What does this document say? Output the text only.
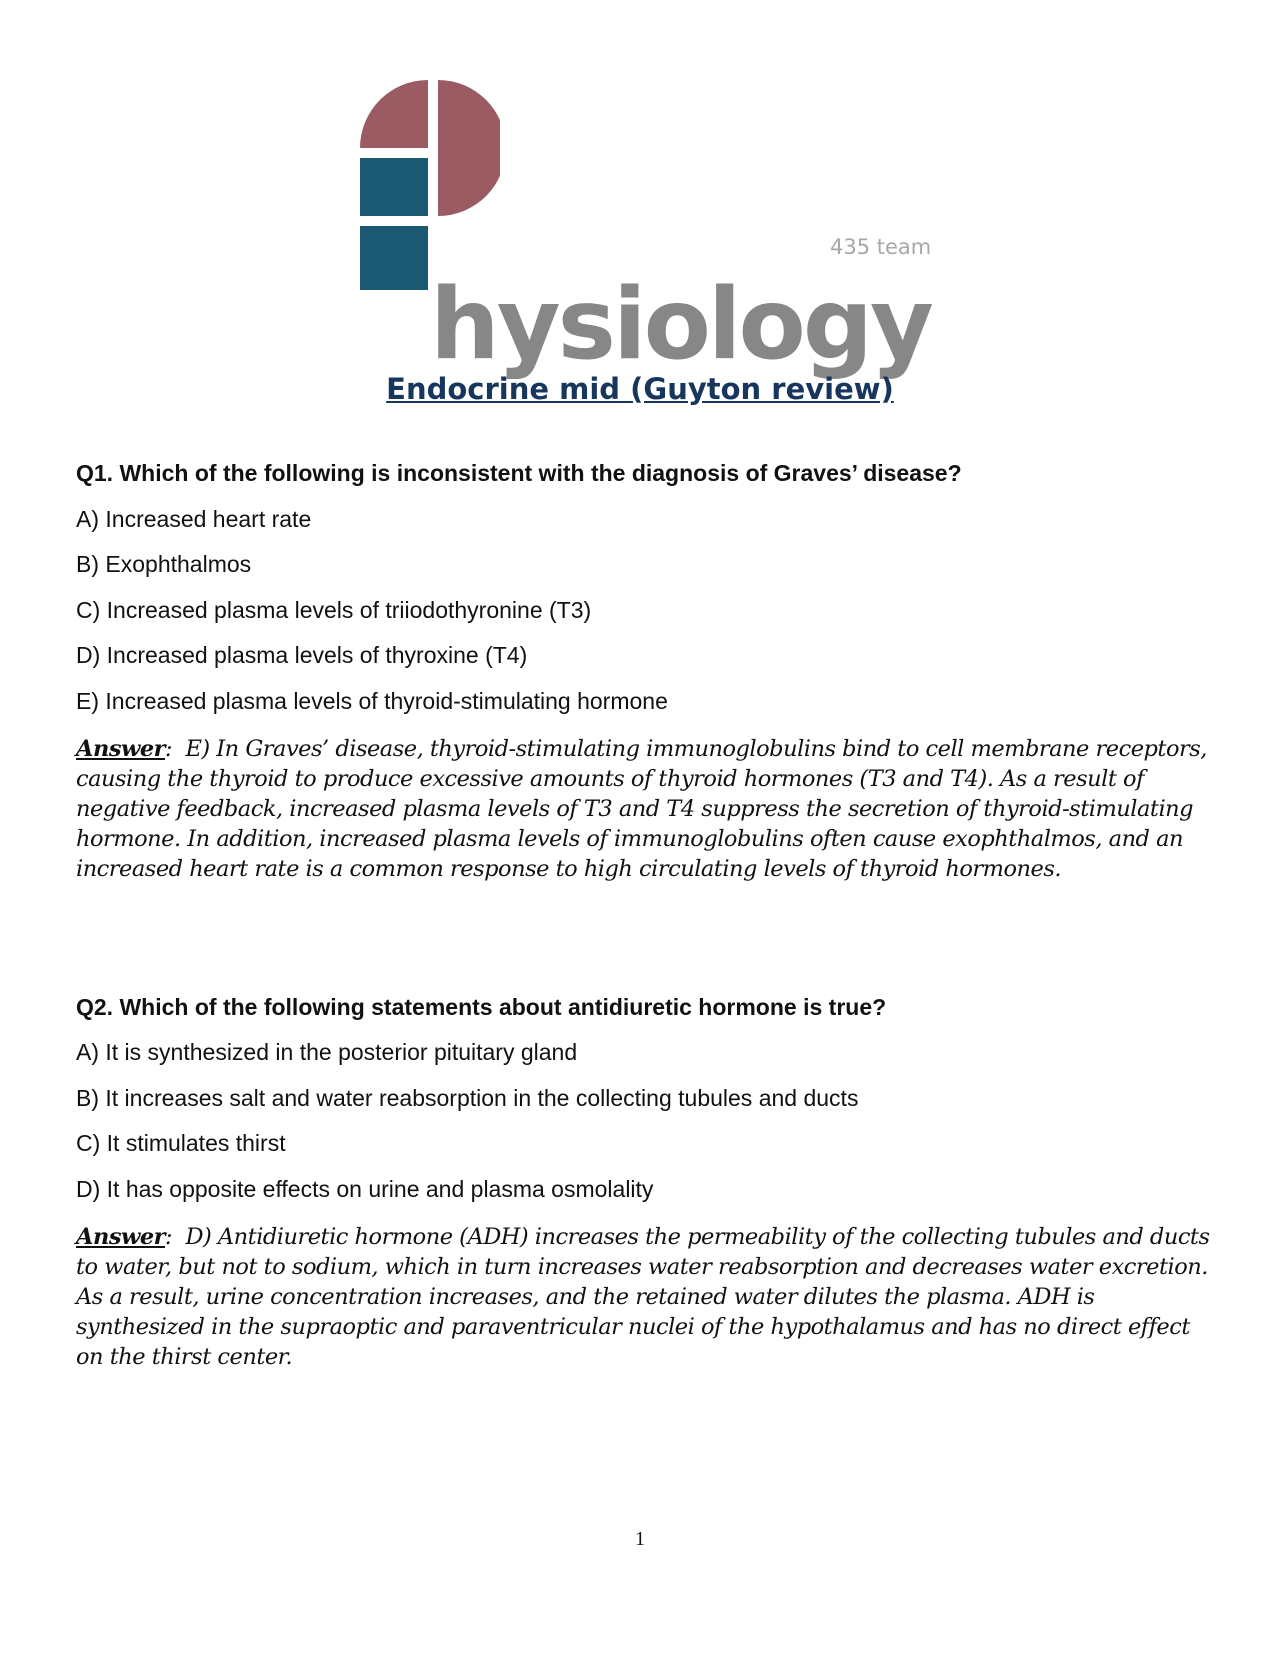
435 team
hysiology
Endocrine mid (Guyton review)

Q1. Which of the following is inconsistent with the diagnosis of Graves’ disease?

A) Increased heart rate

B) Exophthalmos

C) Increased plasma levels of triiodothyronine (T3)

D) Increased plasma levels of thyroxine (T4)

E) Increased plasma levels of thyroid-stimulating hormone

Answer: E) In Graves’ disease, thyroid-stimulating immunoglobulins bind to cell membrane receptors, causing the thyroid to produce excessive amounts of thyroid hormones (T3 and T4). As a result of negative feedback, increased plasma levels of T3 and T4 suppress the secretion of thyroid-stimulating hormone. In addition, increased plasma levels of immunoglobulins often cause exophthalmos, and an increased heart rate is a common response to high circulating levels of thyroid hormones.

Q2. Which of the following statements about antidiuretic hormone is true?

A) It is synthesized in the posterior pituitary gland

B) It increases salt and water reabsorption in the collecting tubules and ducts

C) It stimulates thirst

D) It has opposite effects on urine and plasma osmolality

Answer: D) Antidiuretic hormone (ADH) increases the permeability of the collecting tubules and ducts to water, but not to sodium, which in turn increases water reabsorption and decreases water excretion. As a result, urine concentration increases, and the retained water dilutes the plasma. ADH is synthesized in the supraoptic and paraventricular nuclei of the hypothalamus and has no direct effect on the thirst center.

1
